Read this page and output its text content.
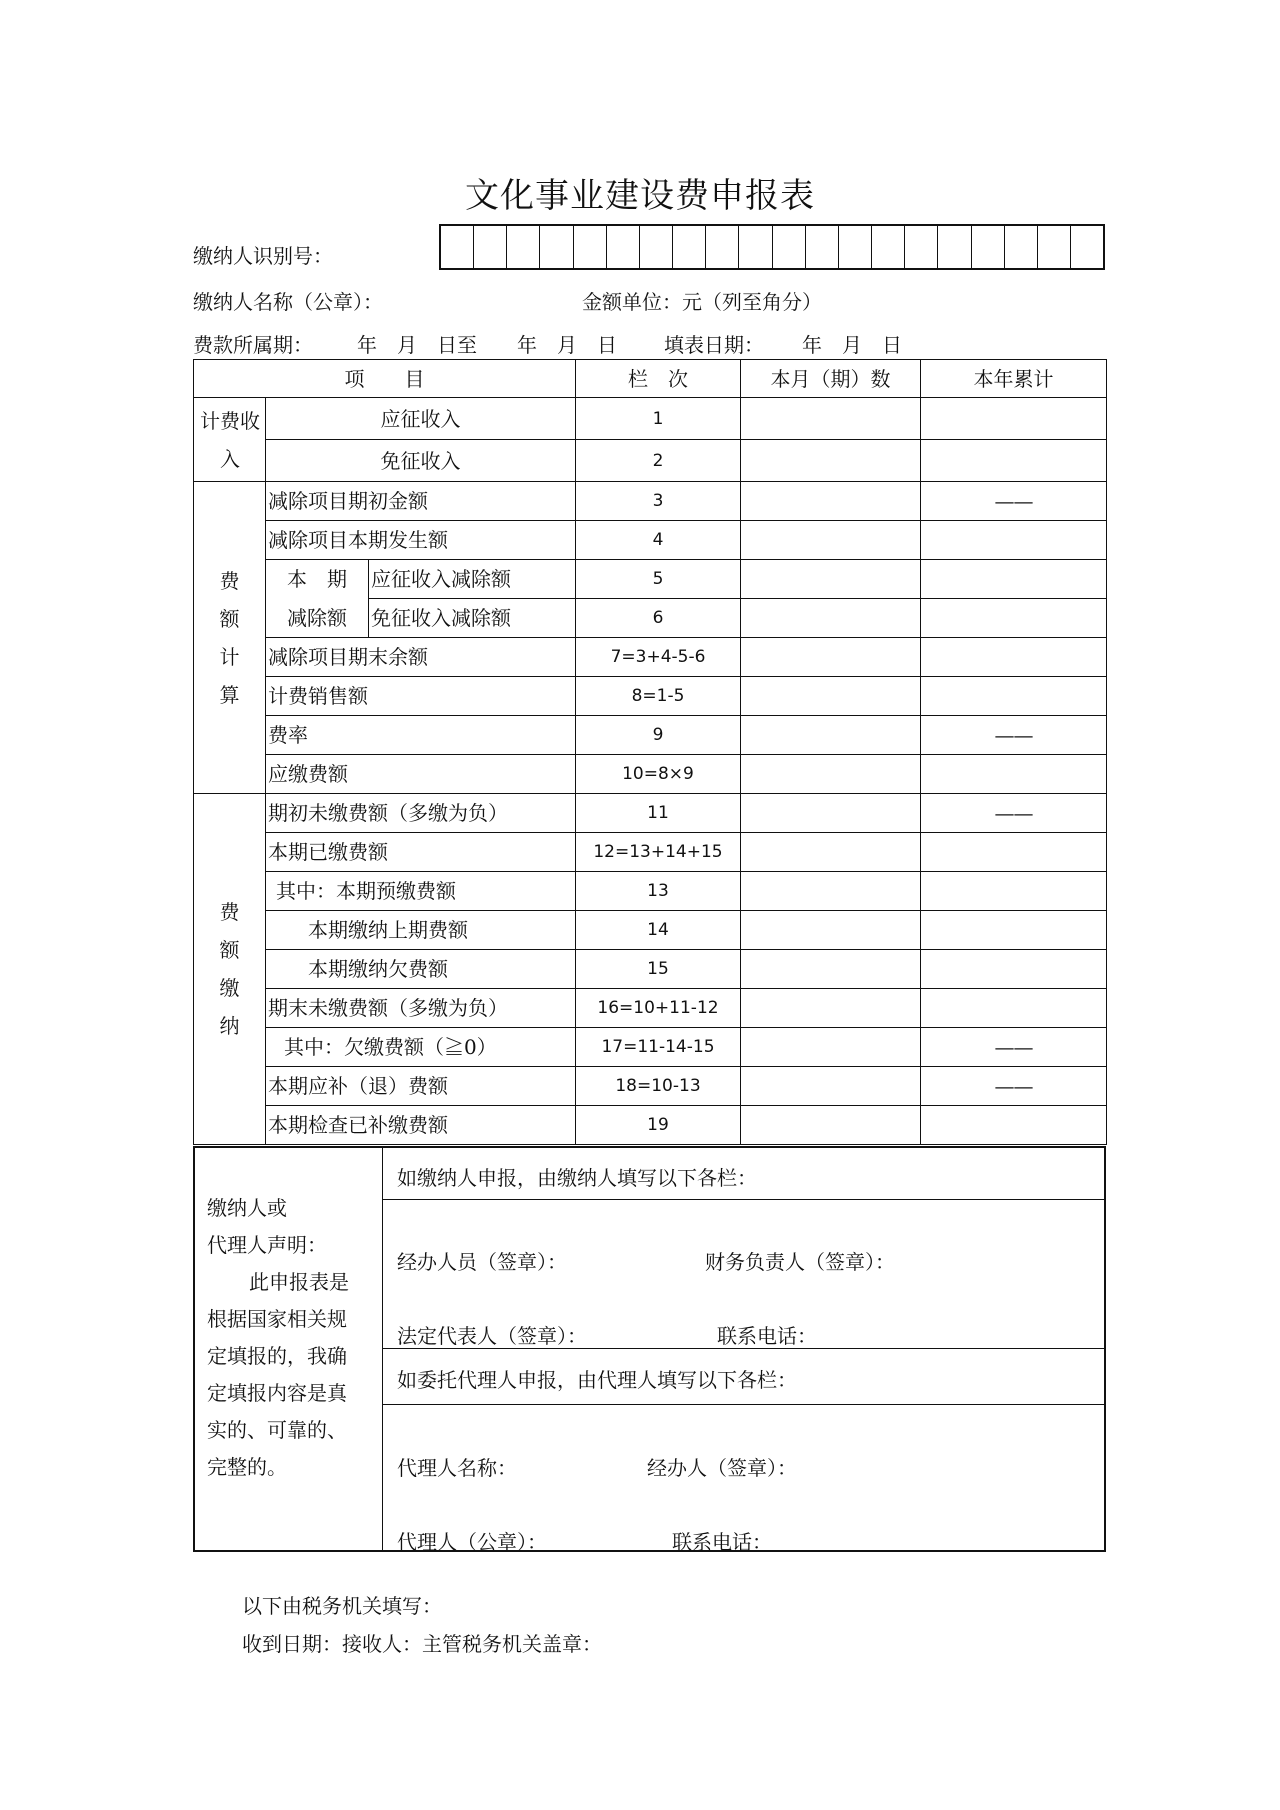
文化事业建设费申报表
缴纳人识别号：
缴纳人名称（公章）：	金额单位：元（列至角分）
费款所属期： 年　月　日至　　年　月　日 填表日期： 年　月　日
项　　目			栏　次	本月（期）数	本年累计
计费收入	应征收入		1		
	免征收入		2		
费额计算	减除项目期初金额		3		——
	减除项目本期发生额		4		
	本　期	应征收入减除额	5		
	减除额	免征收入减除额	6		
	减除项目期末余额		7=3+4-5-6		
	计费销售额		8=1-5		
	费率		9		——
	应缴费额		10=8×9		
费额缴纳	期初未缴费额（多缴为负）		11		——
	本期已缴费额		12=13+14+15		
	其中：本期预缴费额		13		
	本期缴纳上期费额		14		
	本期缴纳欠费额		15		
	期末未缴费额（多缴为负）		16=10+11-12		
	其中：欠缴费额（≧0）		17=11-14-15		——
	本期应补（退）费额		18=10-13		——
	本期检查已补缴费额		19		
缴纳人或
代理人声明：
此申报表是
根据国家相关规
定填报的，我确
定填报内容是真
实的、可靠的、
完整的。
如缴纳人申报，由缴纳人填写以下各栏：
经办人员（签章）：	财务负责人（签章）：
法定代表人（签章）：	联系电话：
如委托代理人申报，由代理人填写以下各栏：
代理人名称：	经办人（签章）：
代理人（公章）：	联系电话：
以下由税务机关填写：
收到日期：接收人：主管税务机关盖章：
